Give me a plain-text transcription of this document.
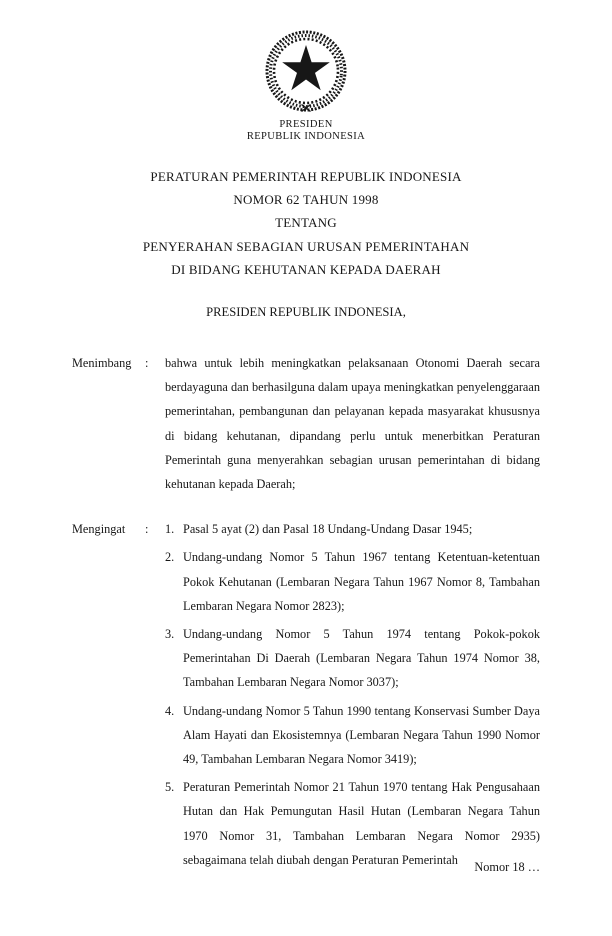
PRESIDEN
REPUBLIK INDONESIA
PERATURAN PEMERINTAH REPUBLIK INDONESIA
NOMOR 62 TAHUN 1998
TENTANG
PENYERAHAN SEBAGIAN URUSAN PEMERINTAHAN
DI BIDANG KEHUTANAN KEPADA DAERAH
PRESIDEN REPUBLIK INDONESIA,
Menimbang	:	bahwa untuk lebih meningkatkan pelaksanaan Otonomi Daerah secara berdayaguna dan berhasilguna dalam upaya meningkatkan penyelenggaraan pemerintahan, pembangunan dan pelayanan kepada masyarakat khususnya di bidang kehutanan, dipandang perlu untuk menerbitkan Peraturan Pemerintah guna menyerahkan sebagian urusan pemerintahan di bidang kehutanan kepada Daerah;

Mengingat	:	1. Pasal 5 ayat (2) dan Pasal 18 Undang-Undang Dasar 1945;

2. Undang-undang Nomor 5 Tahun 1967 tentang Ketentuan-ketentuan Pokok Kehutanan (Lembaran Negara Tahun 1967 Nomor 8, Tambahan Lembaran Negara Nomor 2823);

3. Undang-undang Nomor 5 Tahun 1974 tentang Pokok-pokok Pemerintahan Di Daerah (Lembaran Negara Tahun 1974 Nomor 38, Tambahan Lembaran Negara Nomor 3037);

4. Undang-undang Nomor 5 Tahun 1990 tentang Konservasi Sumber Daya Alam Hayati dan Ekosistemnya (Lembaran Negara Tahun 1990 Nomor 49, Tambahan Lembaran Negara Nomor 3419);

5. Peraturan Pemerintah Nomor 21 Tahun 1970 tentang Hak Pengusahaan Hutan dan Hak Pemungutan Hasil Hutan (Lembaran Negara Tahun 1970 Nomor 31, Tambahan Lembaran Negara Nomor 2935) sebagaimana telah diubah dengan Peraturan Pemerintah

Nomor 18 …
